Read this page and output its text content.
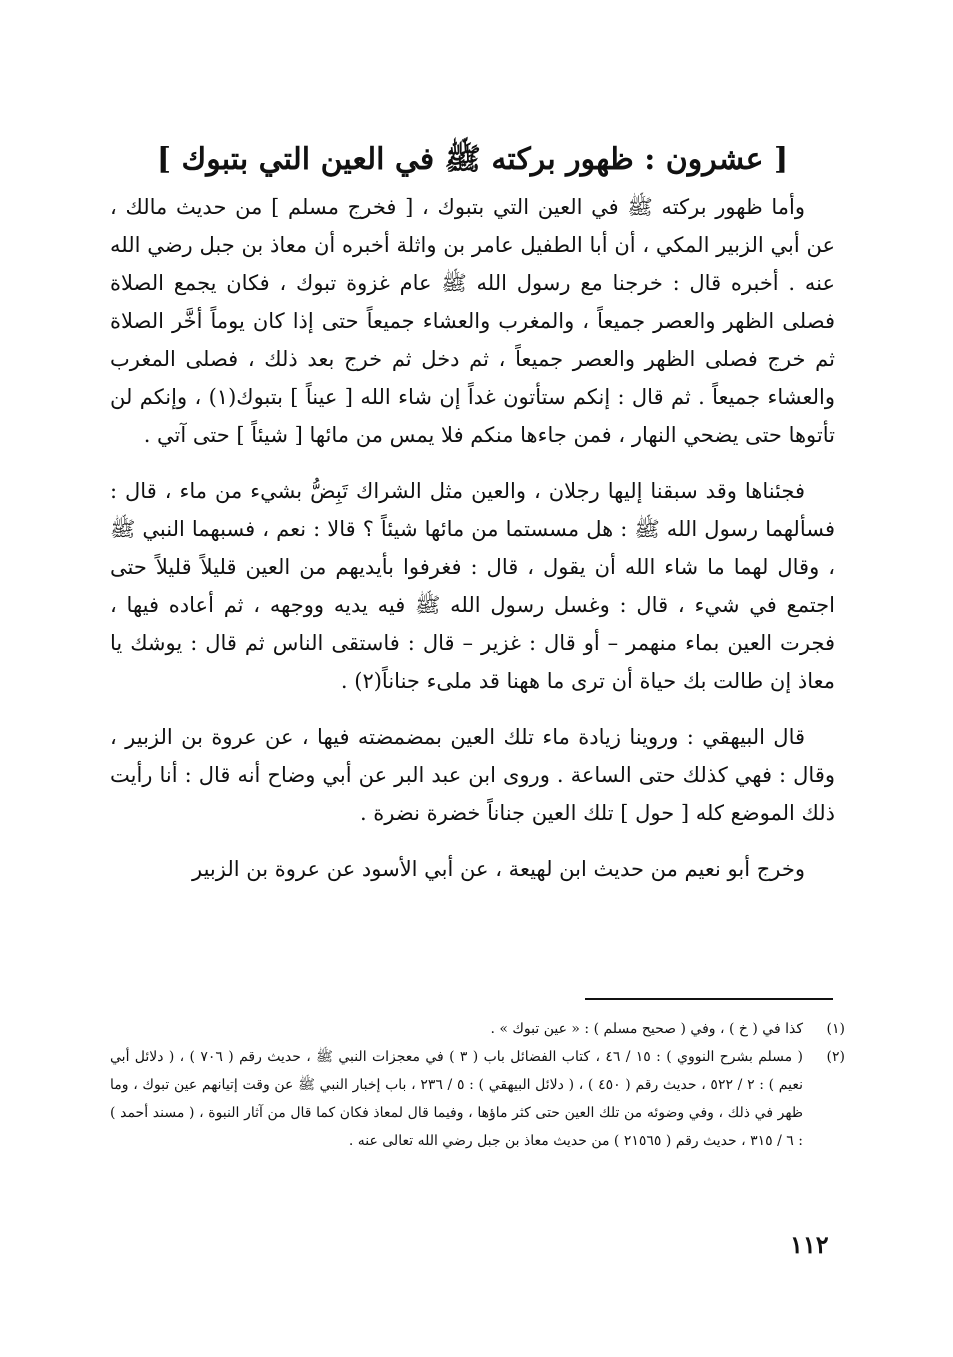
[ عشرون : ظهور بركته ﷺ في العين التي بتبوك ]

وأما ظهور بركته ﷺ في العين التي بتبوك ، [ فخرج مسلم ] من حديث مالك ، عن أبي الزبير المكي ، أن أبا الطفيل عامر بن واثلة أخبره أن معاذ بن جبل رضي الله عنه . أخبره قال : خرجنا مع رسول الله ﷺ عام غزوة تبوك ، فكان يجمع الصلاة فصلى الظهر والعصر جميعاً ، والمغرب والعشاء جميعاً حتى إذا كان يوماً أخَّر الصلاة ثم خرج فصلى الظهر والعصر جميعاً ، ثم دخل ثم خرج بعد ذلك ، فصلى المغرب والعشاء جميعاً . ثم قال : إنكم ستأتون غداً إن شاء الله [ عيناً ] بتبوك(١) ، وإنكم لن تأتوها حتى يضحي النهار ، فمن جاءها منكم فلا يمس من مائها [ شيئاً ] حتى آتي .

فجئناها وقد سبقنا إليها رجلان ، والعين مثل الشراك تَبِضُّ بشيء من ماء ، قال : فسألهما رسول الله ﷺ : هل مسستما من مائها شيئاً ؟ قالا : نعم ، فسبهما النبي ﷺ ، وقال لهما ما شاء الله أن يقول ، قال : فغرفوا بأيديهم من العين قليلاً قليلاً حتى اجتمع في شيء ، قال : وغسل رسول الله ﷺ فيه يديه ووجهه ، ثم أعاده فيها ، فجرت العين بماء منهمر – أو قال : غزير – قال : فاستقى الناس ثم قال : يوشك يا معاذ إن طالت بك حياة أن ترى ما ههنا قد ملىء جناناً(٢) .

قال البيهقي : وروينا زيادة ماء تلك العين بمضمضته فيها ، عن عروة بن الزبير ، وقال : فهي كذلك حتى الساعة . وروى ابن عبد البر عن أبي وضاح أنه قال : أنا رأيت ذلك الموضع كله [ حول ] تلك العين جناناً خضرة نضرة .

وخرج أبو نعيم من حديث ابن لهيعة ، عن أبي الأسود عن عروة بن الزبير

(١)
كذا في ( خ ) ، وفي ( صحيح مسلم ) : « عين تبوك » .
(٢)
( مسلم بشرح النووي ) : ١٥ / ٤٦ ، كتاب الفضائل باب ( ٣ ) في معجزات النبي ﷺ ، حديث رقم ( ٧٠٦ ) ، ( دلائل أبي نعيم ) : ٢ / ٥٢٢ ، حديث رقم ( ٤٥٠ ) ، ( دلائل البيهقي ) : ٥ / ٢٣٦ ، باب إخبار النبي ﷺ عن وقت إتيانهم عين تبوك ، وما ظهر في ذلك ، وفي وضوئه من تلك العين حتى كثر ماؤها ، وفيما قال لمعاذ فكان كما قال من آثار النبوة ، ( مسند أحمد ) : ٦ / ٣١٥ ، حديث رقم ( ٢١٥٦٥ ) من حديث معاذ بن جبل رضي الله تعالى عنه .
١١٢
